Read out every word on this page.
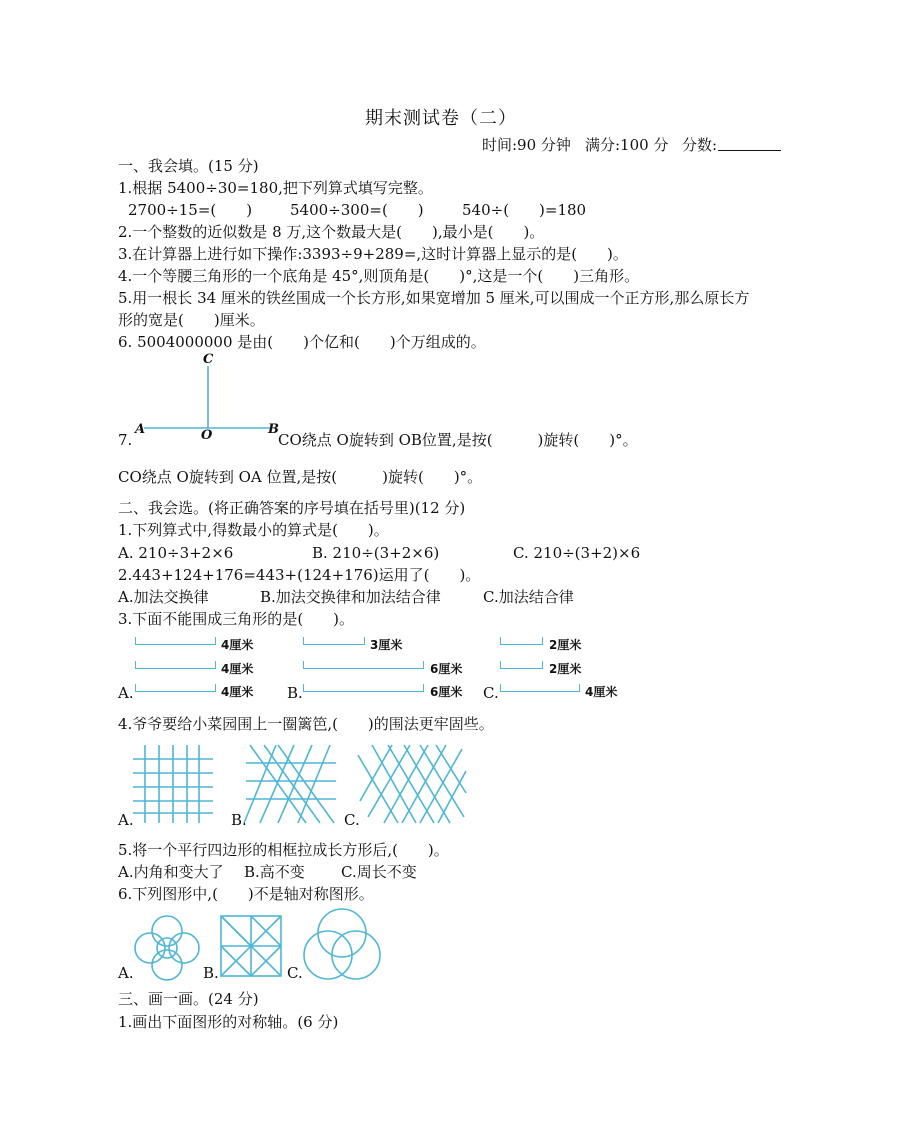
期末测试卷（二）
时间:90 分钟 满分:100 分 分数:
一、我会填。(15 分)
1.根据 5400÷30=180,把下列算式填写完整。
2700÷15=(　　)	5400÷300=(　　)	540÷(　　)=180
2.一个整数的近似数是 8 万,这个数最大是(　　),最小是(　　)。
3.在计算器上进行如下操作:3393÷9+289=,这时计算器上显示的是(　　)。
4.一个等腰三角形的一个底角是 45°,则顶角是(　　)°,这是一个(　　)三角形。
5.用一根长 34 厘米的铁丝围成一个长方形,如果宽增加 5 厘米,可以围成一个正方形,那么原长方
形的宽是(　　)厘米。
6. 5004000000 是由(　　)个亿和(　　)个万组成的。
C
A	O	B
7.	CO绕点 O旋转到 OB位置,是按(　　　)旋转(　　)°。
CO绕点 O旋转到 OA 位置,是按(　　　)旋转(　　)°。
二、我会选。(将正确答案的序号填在括号里)(12 分)
1.下列算式中,得数最小的算式是(　　)。
A. 210÷3+2×6	B. 210÷(3+2×6)	C. 210÷(3+2)×6
2.443+124+176=443+(124+176)运用了(　　)。
A.加法交换律	B.加法交换律和加法结合律	C.加法结合律
3.下面不能围成三角形的是(　　)。
4厘米
4厘米
A.	4厘米
3厘米
6厘米
B.	6厘米
2厘米
2厘米
C.	4厘米
4.爷爷要给小菜园围上一圈篱笆,(　　)的围法更牢固些。
A.	B.	C.
5.将一个平行四边形的相框拉成长方形后,(　　)。
A.内角和变大了 B.高不变 C.周长不变
6.下列图形中,(　　)不是轴对称图形。
A.	B.	C.
三、画一画。(24 分)
1.画出下面图形的对称轴。(6 分)
